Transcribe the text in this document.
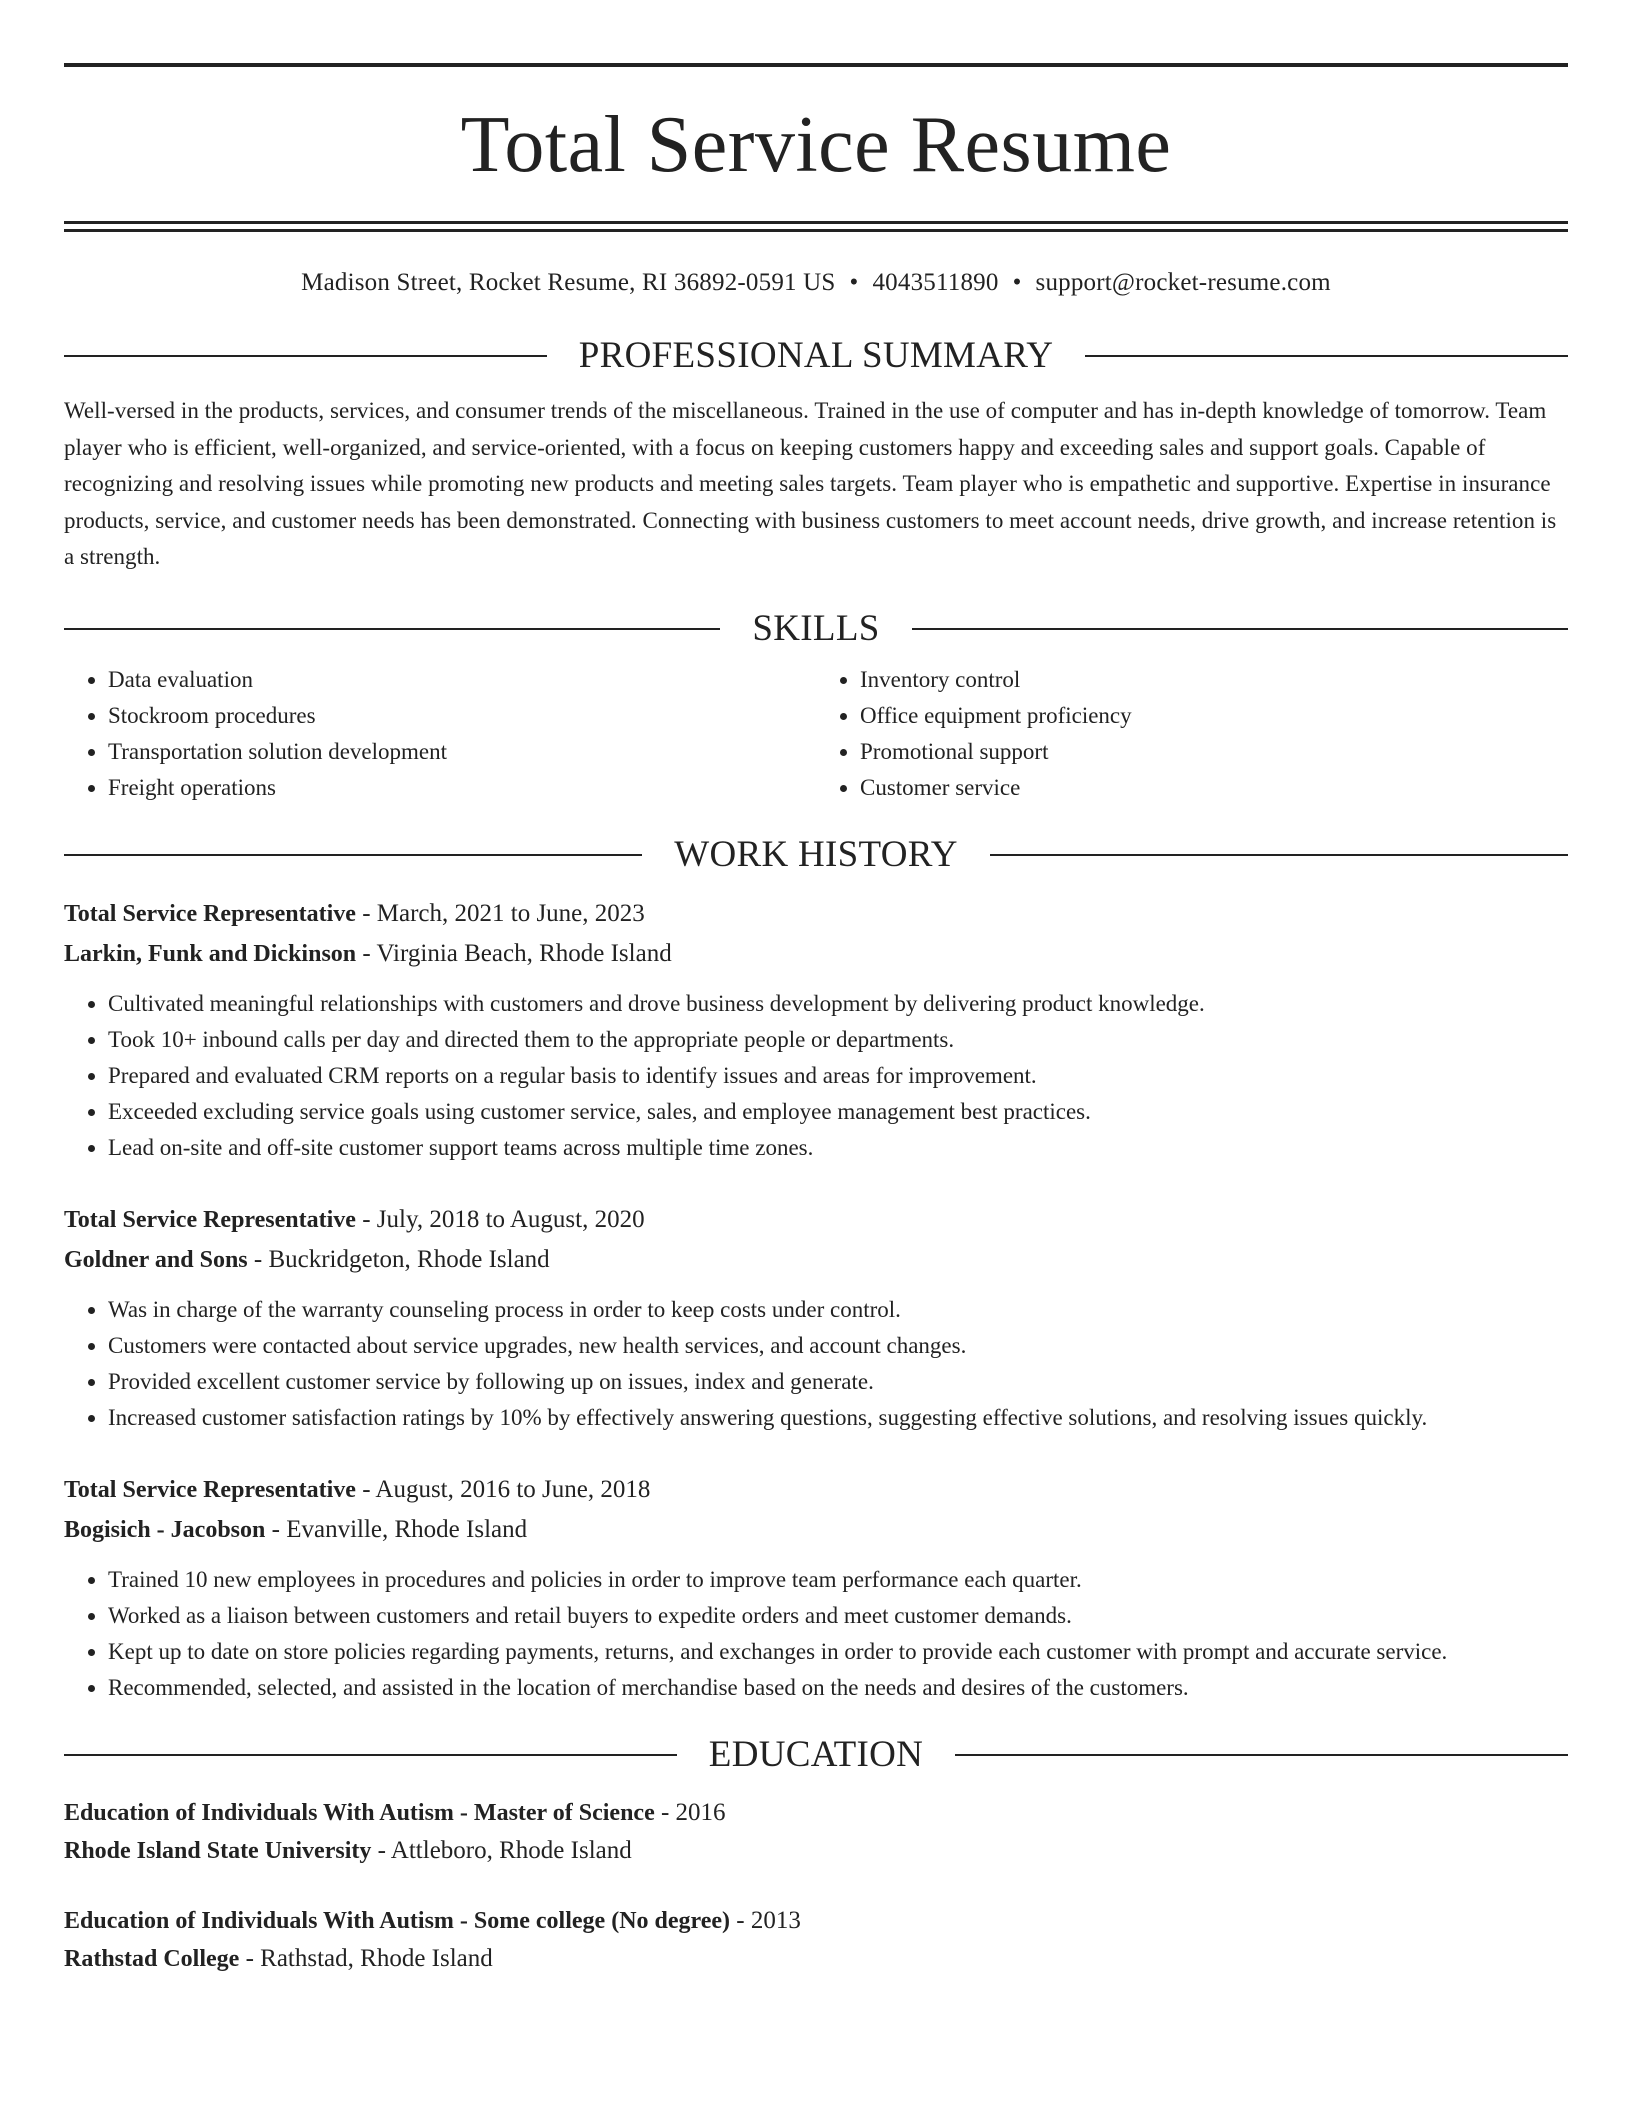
Total Service Resume
Madison Street, Rocket Resume, RI 36892-0591 US • 4043511890 • support@rocket-resume.com
PROFESSIONAL SUMMARY
Well-versed in the products, services, and consumer trends of the miscellaneous. Trained in the use of computer and has in-depth knowledge of tomorrow. Team player who is efficient, well-organized, and service-oriented, with a focus on keeping customers happy and exceeding sales and support goals. Capable of recognizing and resolving issues while promoting new products and meeting sales targets. Team player who is empathetic and supportive. Expertise in insurance products, service, and customer needs has been demonstrated. Connecting with business customers to meet account needs, drive growth, and increase retention is a strength.
SKILLS
• Data evaluation
• Stockroom procedures
• Transportation solution development
• Freight operations
• Inventory control
• Office equipment proficiency
• Promotional support
• Customer service
WORK HISTORY
Total Service Representative - March, 2021 to June, 2023
Larkin, Funk and Dickinson - Virginia Beach, Rhode Island
• Cultivated meaningful relationships with customers and drove business development by delivering product knowledge.
• Took 10+ inbound calls per day and directed them to the appropriate people or departments.
• Prepared and evaluated CRM reports on a regular basis to identify issues and areas for improvement.
• Exceeded excluding service goals using customer service, sales, and employee management best practices.
• Lead on-site and off-site customer support teams across multiple time zones.
Total Service Representative - July, 2018 to August, 2020
Goldner and Sons - Buckridgeton, Rhode Island
• Was in charge of the warranty counseling process in order to keep costs under control.
• Customers were contacted about service upgrades, new health services, and account changes.
• Provided excellent customer service by following up on issues, index and generate.
• Increased customer satisfaction ratings by 10% by effectively answering questions, suggesting effective solutions, and resolving issues quickly.
Total Service Representative - August, 2016 to June, 2018
Bogisich - Jacobson - Evanville, Rhode Island
• Trained 10 new employees in procedures and policies in order to improve team performance each quarter.
• Worked as a liaison between customers and retail buyers to expedite orders and meet customer demands.
• Kept up to date on store policies regarding payments, returns, and exchanges in order to provide each customer with prompt and accurate service.
• Recommended, selected, and assisted in the location of merchandise based on the needs and desires of the customers.
EDUCATION
Education of Individuals With Autism - Master of Science - 2016
Rhode Island State University - Attleboro, Rhode Island
Education of Individuals With Autism - Some college (No degree) - 2013
Rathstad College - Rathstad, Rhode Island
